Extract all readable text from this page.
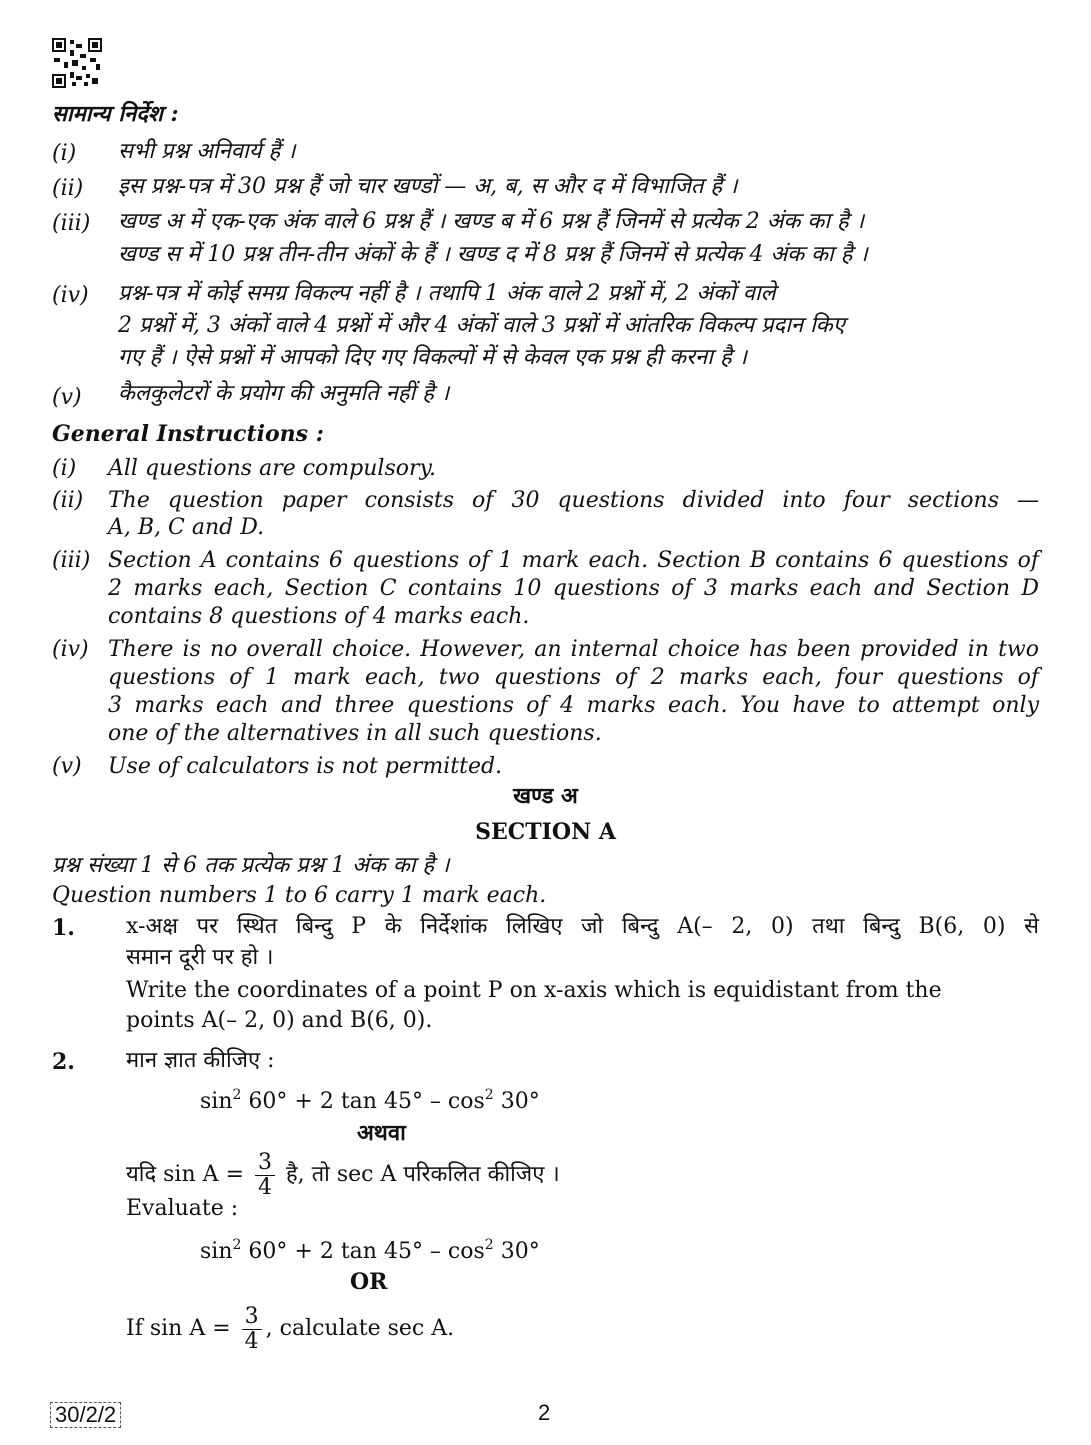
सामान्य निर्देश :
(i) सभी प्रश्न अनिवार्य हैं ।
(ii) इस प्रश्न-पत्र में 30 प्रश्न हैं जो चार खण्डों — अ, ब, स और द में विभाजित हैं ।
(iii) खण्ड अ में एक-एक अंक वाले 6 प्रश्न हैं । खण्ड ब में 6 प्रश्न हैं जिनमें से प्रत्येक 2 अंक का है ।
खण्ड स में 10 प्रश्न तीन-तीन अंकों के हैं । खण्ड द में 8 प्रश्न हैं जिनमें से प्रत्येक 4 अंक का है ।
(iv) प्रश्न-पत्र में कोई समग्र विकल्प नहीं है । तथापि 1 अंक वाले 2 प्रश्नों में, 2 अंकों वाले
2 प्रश्नों में, 3 अंकों वाले 4 प्रश्नों में और 4 अंकों वाले 3 प्रश्नों में आंतरिक विकल्प प्रदान किए
गए हैं । ऐसे प्रश्नों में आपको दिए गए विकल्पों में से केवल एक प्रश्न ही करना है ।
(v) कैलकुलेटरों के प्रयोग की अनुमति नहीं है ।
General Instructions :
(i) All questions are compulsory.
(ii) The question paper consists of 30 questions divided into four sections —
A, B, C and D.
(iii) Section A contains 6 questions of 1 mark each. Section B contains 6 questions of
2 marks each, Section C contains 10 questions of 3 marks each and Section D
contains 8 questions of 4 marks each.
(iv) There is no overall choice. However, an internal choice has been provided in two
questions of 1 mark each, two questions of 2 marks each, four questions of
3 marks each and three questions of 4 marks each. You have to attempt only
one of the alternatives in all such questions.
(v) Use of calculators is not permitted.
खण्ड अ
SECTION A
प्रश्न संख्या 1 से 6 तक प्रत्येक प्रश्न 1 अंक का है ।
Question numbers 1 to 6 carry 1 mark each.
1. x-अक्ष पर स्थित बिन्दु P के निर्देशांक लिखिए जो बिन्दु A(– 2, 0) तथा बिन्दु B(6, 0) से
समान दूरी पर हो ।
Write the coordinates of a point P on x-axis which is equidistant from the
points A(– 2, 0) and B(6, 0).
2. मान ज्ञात कीजिए :
$\sin^2 60^\circ + 2$ $\tan 45^\circ - \cos^2 30^\circ$
अथवा
यदि $\sin A = \frac{3}{4}$ है, तो sec A परिकलित कीजिए ।
Evaluate :
$\sin^2 60^\circ + 2$ $\tan 45^\circ - \cos^2 30^\circ$
OR
If $\sin A = \frac{3}{4}$ , calculate sec A.
30/2/2	2
